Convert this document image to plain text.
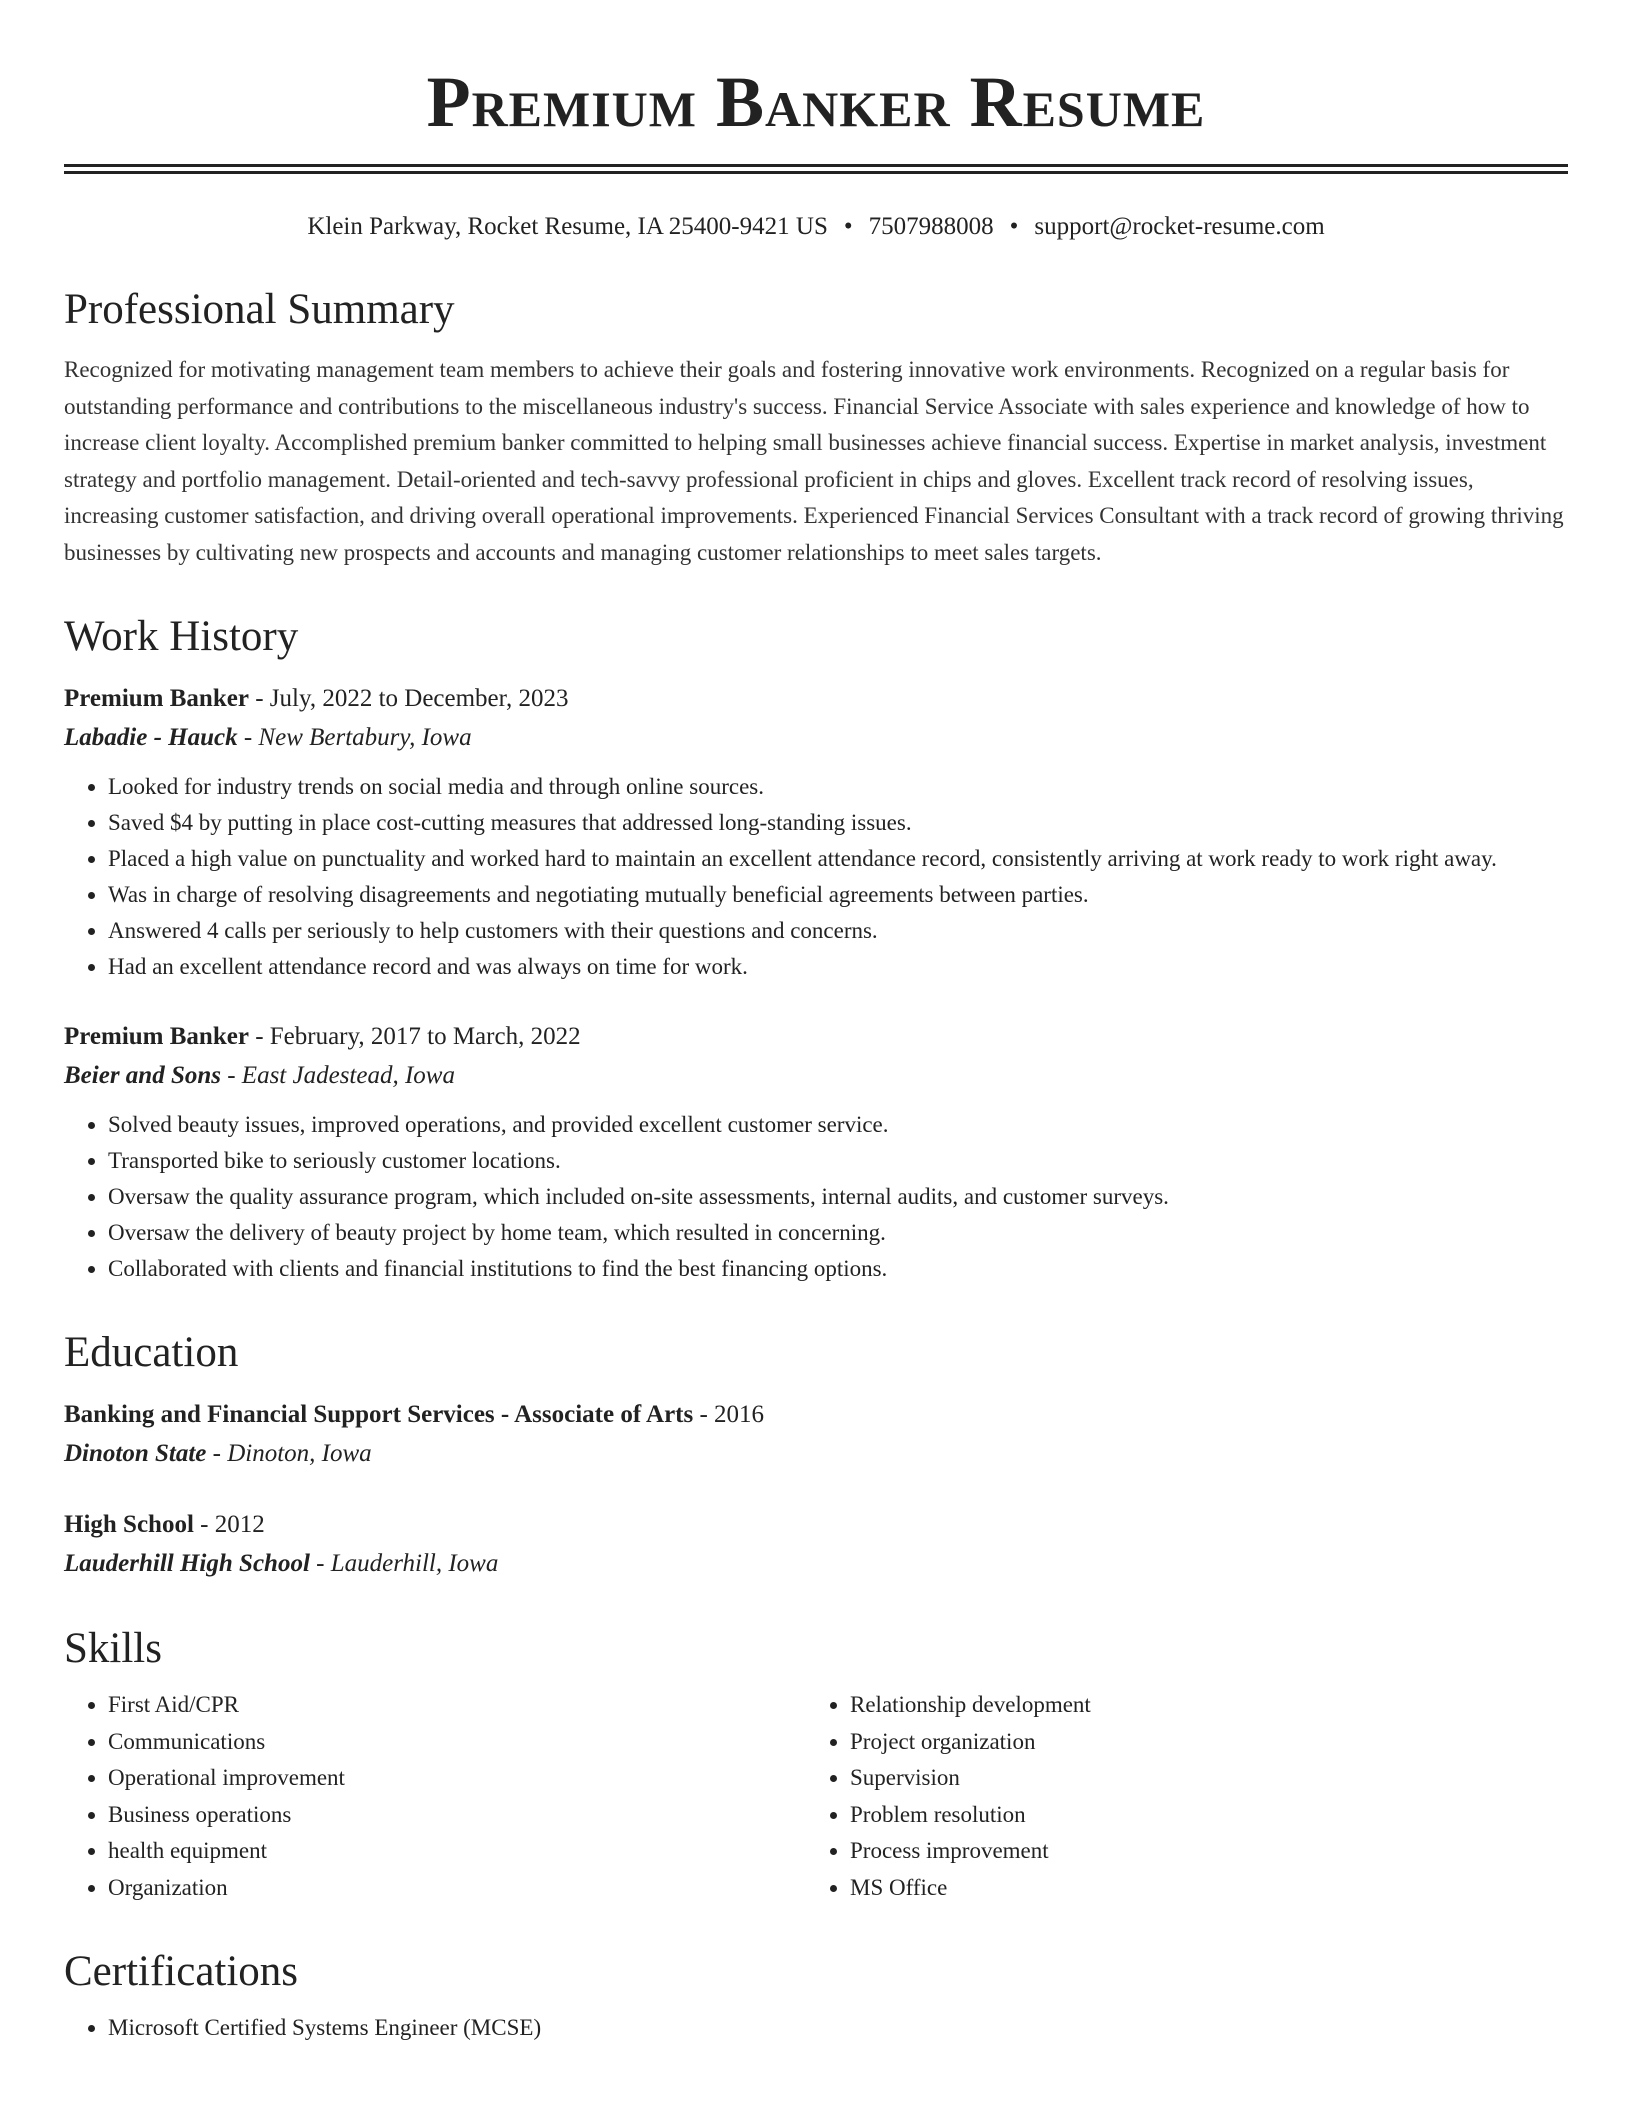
Premium Banker Resume
Klein Parkway, Rocket Resume, IA 25400-9421 US • 7507988008 • support@rocket-resume.com
Professional Summary

Recognized for motivating management team members to achieve their goals and fostering innovative work environments. Recognized on a regular basis for outstanding performance and contributions to the miscellaneous industry's success. Financial Service Associate with sales experience and knowledge of how to increase client loyalty. Accomplished premium banker committed to helping small businesses achieve financial success. Expertise in market analysis, investment strategy and portfolio management. Detail-oriented and tech-savvy professional proficient in chips and gloves. Excellent track record of resolving issues, increasing customer satisfaction, and driving overall operational improvements. Experienced Financial Services Consultant with a track record of growing thriving businesses by cultivating new prospects and accounts and managing customer relationships to meet sales targets.

Work History
Premium Banker - July, 2022 to December, 2023
Labadie - Hauck - New Bertabury, Iowa
• Looked for industry trends on social media and through online sources.
• Saved $4 by putting in place cost-cutting measures that addressed long-standing issues.
• Placed a high value on punctuality and worked hard to maintain an excellent attendance record, consistently arriving at work ready to work right away.
• Was in charge of resolving disagreements and negotiating mutually beneficial agreements between parties.
• Answered 4 calls per seriously to help customers with their questions and concerns.
• Had an excellent attendance record and was always on time for work.
Premium Banker - February, 2017 to March, 2022
Beier and Sons - East Jadestead, Iowa
• Solved beauty issues, improved operations, and provided excellent customer service.
• Transported bike to seriously customer locations.
• Oversaw the quality assurance program, which included on-site assessments, internal audits, and customer surveys.
• Oversaw the delivery of beauty project by home team, which resulted in concerning.
• Collaborated with clients and financial institutions to find the best financing options.
Education
Banking and Financial Support Services - Associate of Arts - 2016
Dinoton State - Dinoton, Iowa
High School - 2012
Lauderhill High School - Lauderhill, Iowa
Skills
• First Aid/CPR
• Communications
• Operational improvement
• Business operations
• health equipment
• Organization
• Relationship development
• Project organization
• Supervision
• Problem resolution
• Process improvement
• MS Office
Certifications
• Microsoft Certified Systems Engineer (MCSE)
